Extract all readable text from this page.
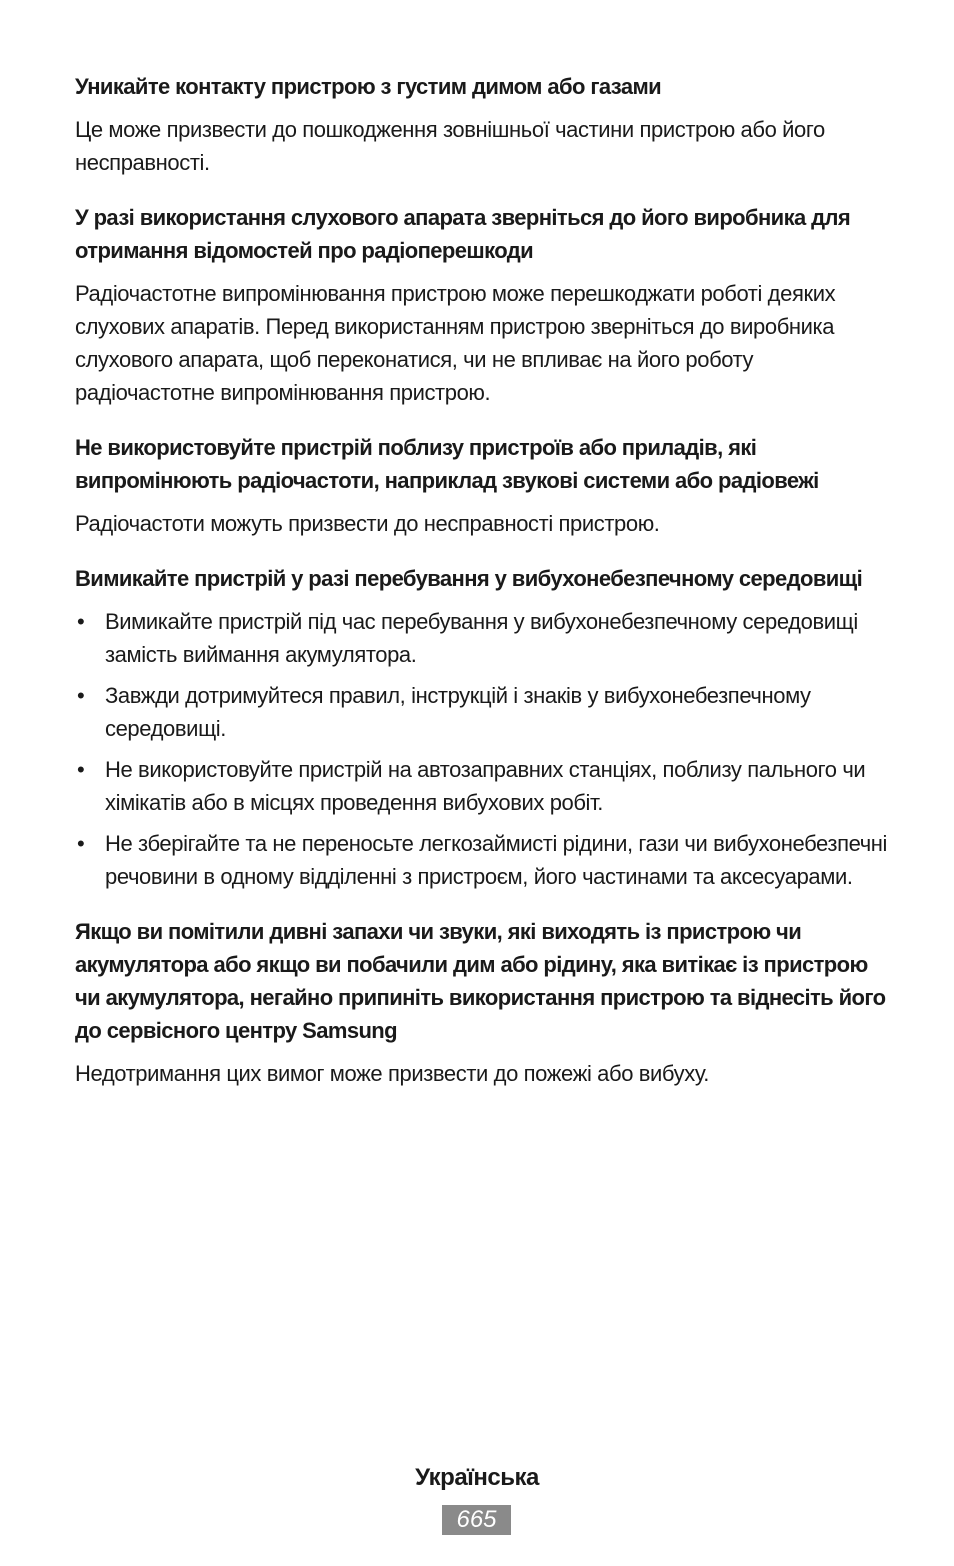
Уникайте контакту пристрою з густим димом або газами

Це може призвести до пошкодження зовнішньої частини пристрою або його несправності.

У разі використання слухового апарата зверніться до його виробника для отримання відомостей про радіоперешкоди

Радіочастотне випромінювання пристрою може перешкоджати роботі деяких слухових апаратів. Перед використанням пристрою зверніться до виробника слухового апарата, щоб переконатися, чи не впливає на його роботу радіочастотне випромінювання пристрою.

Не використовуйте пристрій поблизу пристроїв або приладів, які випромінюють радіочастоти, наприклад звукові системи або радіовежі

Радіочастоти можуть призвести до несправності пристрою.

Вимикайте пристрій у разі перебування у вибухонебезпечному середовищі

• Вимикайте пристрій під час перебування у вибухонебезпечному середовищі замість виймання акумулятора.
• Завжди дотримуйтеся правил, інструкцій і знаків у вибухонебезпечному середовищі.
• Не використовуйте пристрій на автозаправних станціях, поблизу пального чи хімікатів або в місцях проведення вибухових робіт.
• Не зберігайте та не переносьте легкозаймисті рідини, гази чи вибухонебезпечні речовини в одному відділенні з пристроєм, його частинами та аксесуарами.

Якщо ви помітили дивні запахи чи звуки, які виходять із пристрою чи акумулятора або якщо ви побачили дим або рідину, яка витікає із пристрою чи акумулятора, негайно припиніть використання пристрою та віднесіть його до сервісного центру Samsung

Недотримання цих вимог може призвести до пожежі або вибуху.

Українська
665
